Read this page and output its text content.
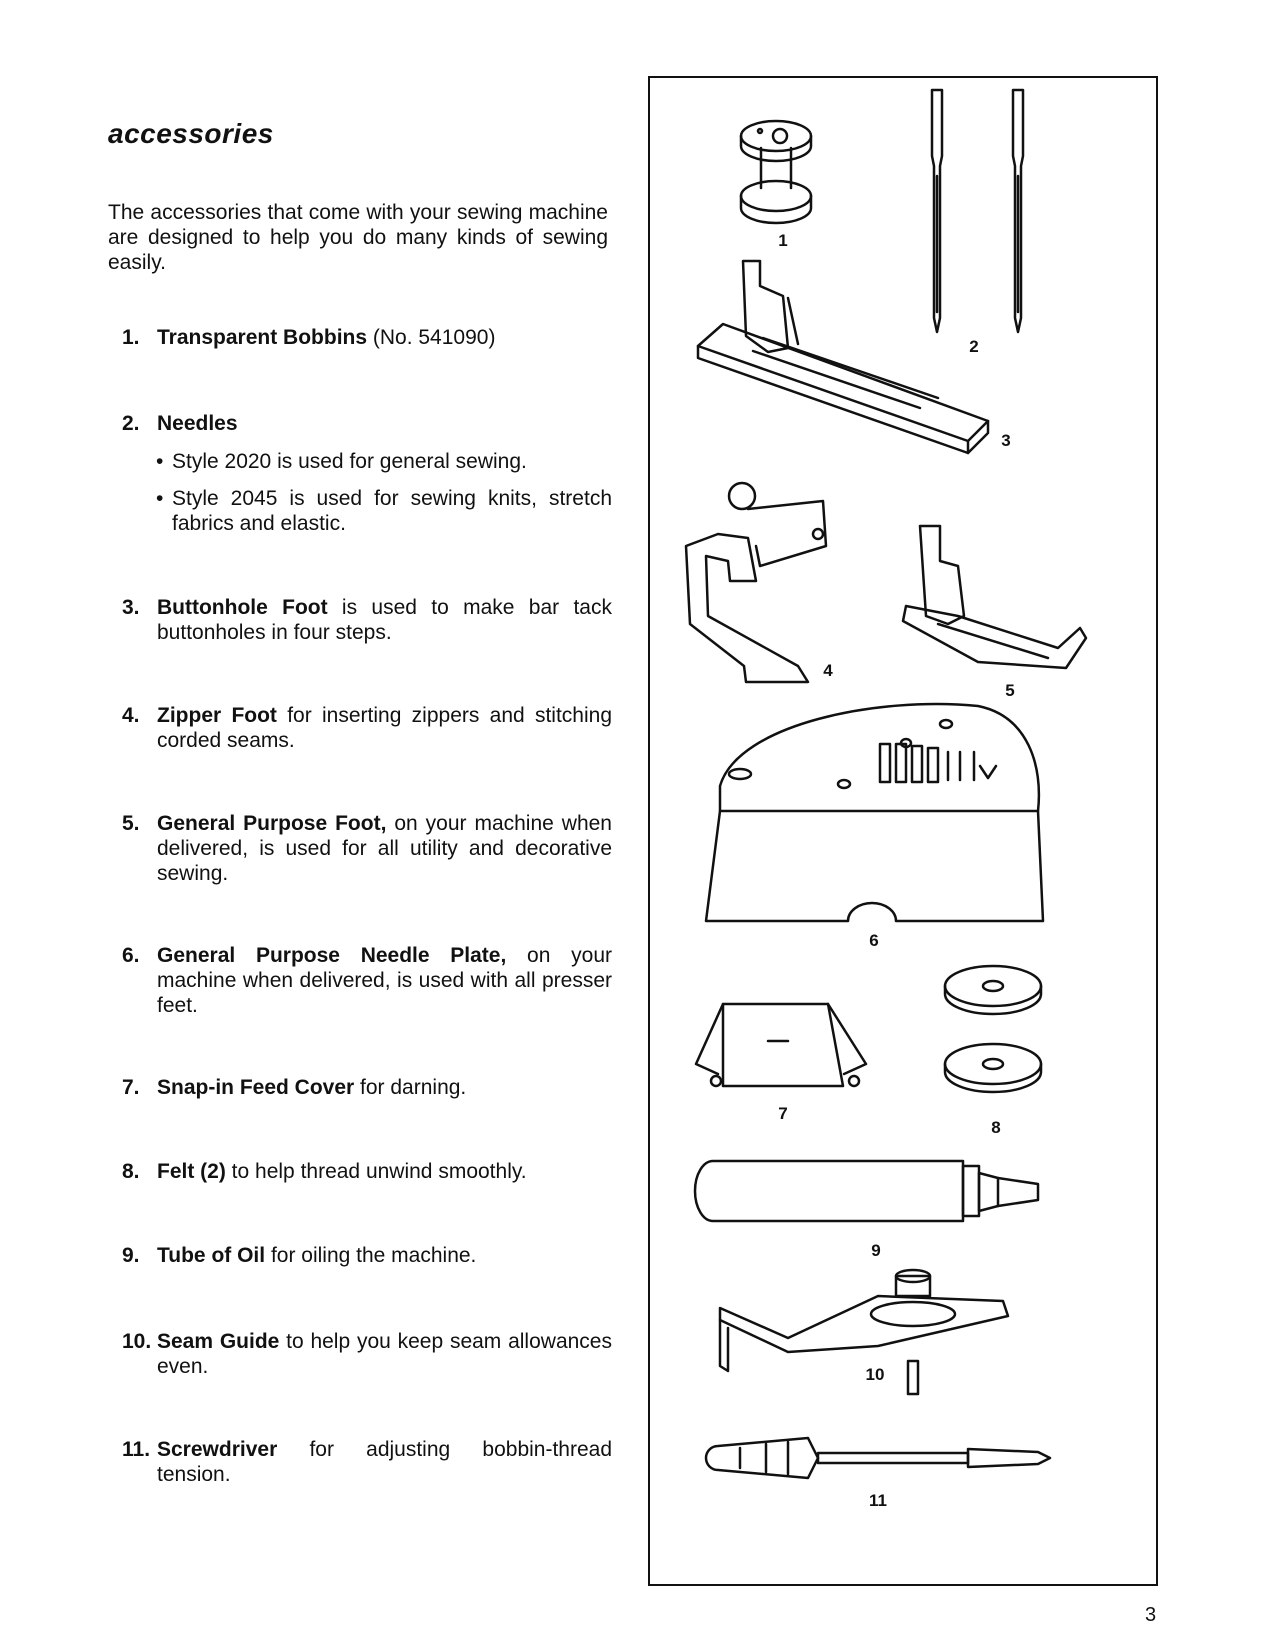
accessories

The accessories that come with your sewing machine are designed to help you do many kinds of sewing easily.

1. Transparent Bobbins (No. 541090)
2. Needles
• Style 2020 is used for general sewing.
• Style 2045 is used for sewing knits, stretch fabrics and elastic.
3. Buttonhole Foot is used to make bar tack buttonholes in four steps.
4. Zipper Foot for inserting zippers and stitching corded seams.
5. General Purpose Foot, on your machine when delivered, is used for all utility and decorative sewing.
6. General Purpose Needle Plate, on your machine when delivered, is used with all presser feet.
7. Snap-in Feed Cover for darning.
8. Felt (2) to help thread unwind smoothly.
9. Tube of Oil for oiling the machine.
10. Seam Guide to help you keep seam allowances even.
11. Screwdriver for adjusting bobbin-thread tension.
1
2
3
4
5
6
7
8
9
10
11
3
